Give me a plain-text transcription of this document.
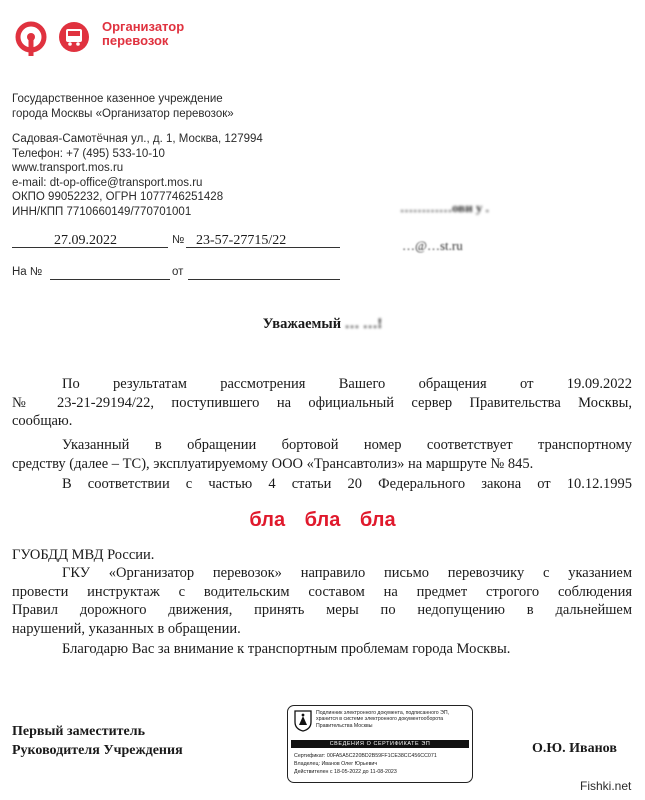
Организатор
перевозок
Государственное казенное учреждение
города Москвы «Организатор перевозок»
Садовая-Самотёчная ул., д. 1, Москва, 127994
Телефон: +7 (495) 533-10-10
www.transport.mos.ru
e-mail: dt-op-office@transport.mos.ru
ОКПО 99052232, ОГРН 1077746251428
ИНН/КПП 7710660149/770701001	…………ови у .
…@…st.ru
27.09.2022	№ 23-57-27715/22
На №	от
Уважаемый … …!
По результатам рассмотрения Вашего обращения от 19.09.2022
№ 23-21-29194/22, поступившего на официальный сервер Правительства Москвы,
сообщаю.
Указанный в обращении бортовой номер соответствует транспортному
средству (далее – ТС), эксплуатируемому ООО «Трансавтолиз» на маршруте № 845.
В соответствии с частью 4 статьи 20 Федерального закона от 10.12.1995
бла бла бла
ГУОБДД МВД России.
ГКУ «Организатор перевозок» направило письмо перевозчику с указанием
провести инструктаж с водительским составом на предмет строгого соблюдения
Правил дорожного движения, принять меры по недопущению в дальнейшем
нарушений, указанных в обращении.
Благодарю Вас за внимание к транспортным проблемам города Москвы.
Первый заместитель
Руководителя Учреждения	О.Ю. Иванов
Подлинник электронного документа, подписанного ЭП,
хранится в системе электронного документооборота
Правительства Москвы
СВЕДЕНИЯ О СЕРТИФИКАТЕ ЭП
Сертификат: 00FA5A5C220BD2B59FF1CE38CC456CC071
Владелец: Иванов Олег Юрьевич
Действителен с 18-05-2022 до 11-08-2023
Fishki.net
